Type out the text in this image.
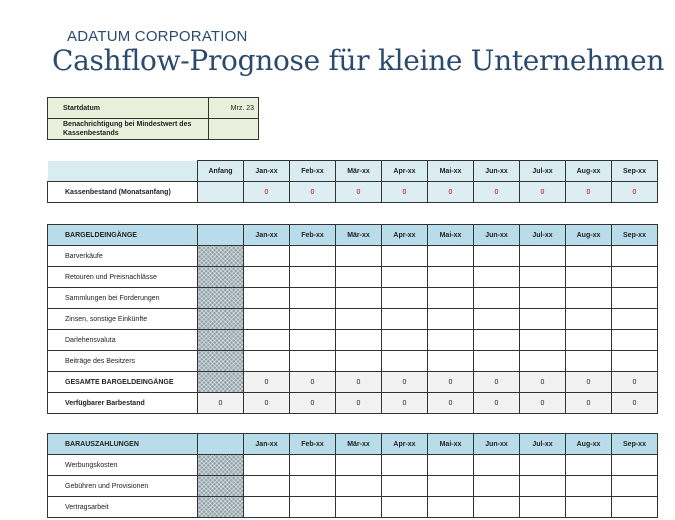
ADATUM CORPORATION
Cashflow-Prognose für kleine Unternehmen
Startdatum	Mrz. 23
Benachrichtigung bei Mindestwert des Kassenbestands	
	Anfang	Jan-xx	Feb-xx	Mär-xx	Apr-xx	Mai-xx	Jun-xx	Jul-xx	Aug-xx	Sep-xx
Kassenbestand (Monatsanfang)		0	0	0	0	0	0	0	0	0
BARGELDEINGÄNGE		Jan-xx	Feb-xx	Mär-xx	Apr-xx	Mai-xx	Jun-xx	Jul-xx	Aug-xx	Sep-xx
Barverkäufe										
Retouren und Preisnachlässe										
Sammlungen bei Forderungen										
Zinsen, sonstige Einkünfte										
Darlehensvaluta										
Beiträge des Besitzers										
GESAMTE BARGELDEINGÄNGE		0	0	0	0	0	0	0	0	0
Verfügbarer Barbestand	0	0	0	0	0	0	0	0	0	0
BARAUSZAHLUNGEN		Jan-xx	Feb-xx	Mär-xx	Apr-xx	Mai-xx	Jun-xx	Jul-xx	Aug-xx	Sep-xx
Werbungskosten										
Gebühren und Provisionen										
Vertragsarbeit										
